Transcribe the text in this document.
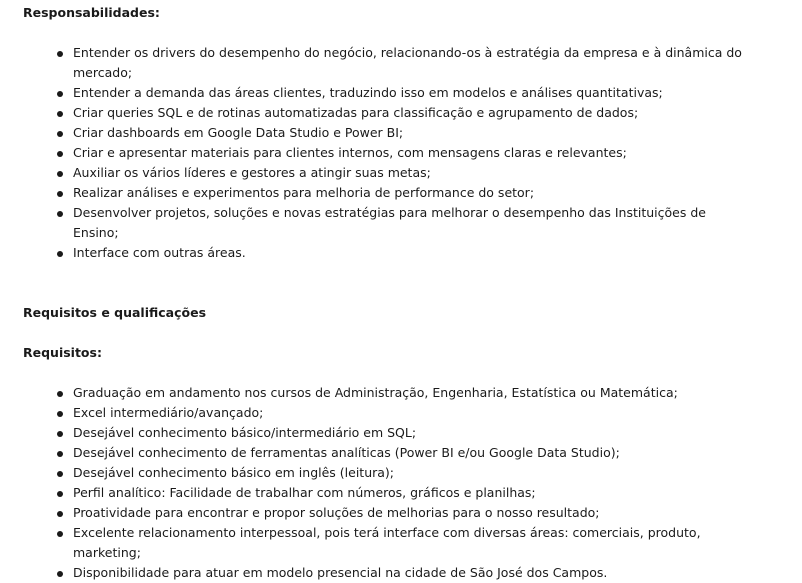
Responsabilidades:

Entender os drivers do desempenho do negócio, relacionando-os à estratégia da empresa e à dinâmica do mercado;
Entender a demanda das áreas clientes, traduzindo isso em modelos e análises quantitativas;
Criar queries SQL e de rotinas automatizadas para classificação e agrupamento de dados;
Criar dashboards em Google Data Studio e Power BI;
Criar e apresentar materiais para clientes internos, com mensagens claras e relevantes;
Auxiliar os vários líderes e gestores a atingir suas metas;
Realizar análises e experimentos para melhoria de performance do setor;
Desenvolver projetos, soluções e novas estratégias para melhorar o desempenho das Instituições de Ensino;
Interface com outras áreas.

Requisitos e qualificações

Requisitos:

Graduação em andamento nos cursos de Administração, Engenharia, Estatística ou Matemática;
Excel intermediário/avançado;
Desejável conhecimento básico/intermediário em SQL;
Desejável conhecimento de ferramentas analíticas (Power BI e/ou Google Data Studio);
Desejável conhecimento básico em inglês (leitura);
Perfil analítico: Facilidade de trabalhar com números, gráficos e planilhas;
Proatividade para encontrar e propor soluções de melhorias para o nosso resultado;
Excelente relacionamento interpessoal, pois terá interface com diversas áreas: comerciais, produto, marketing;
Disponibilidade para atuar em modelo presencial na cidade de São José dos Campos.
